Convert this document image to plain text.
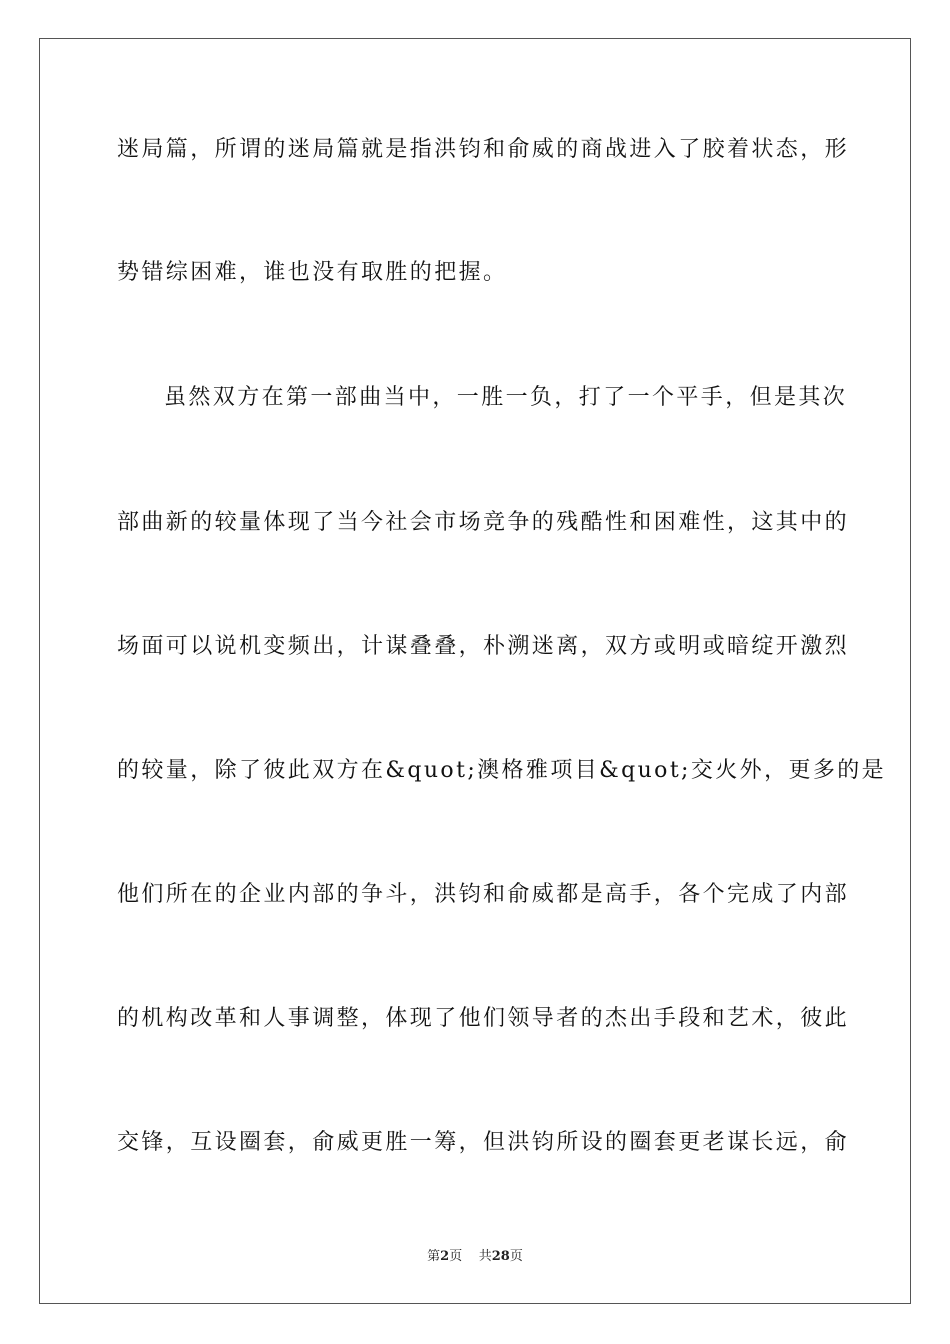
迷局篇，所谓的迷局篇就是指洪钧和俞威的商战进入了胶着状态，形
势错综困难，谁也没有取胜的把握。
虽然双方在第一部曲当中，一胜一负，打了一个平手，但是其次
部曲新的较量体现了当今社会市场竞争的残酷性和困难性，这其中的
场面可以说机变频出，计谋叠叠，朴溯迷离，双方或明或暗绽开激烈
的较量，除了彼此双方在&quot;澳格雅项目&quot;交火外，更多的是
他们所在的企业内部的争斗，洪钧和俞威都是高手，各个完成了内部
的机构改革和人事调整，体现了他们领导者的杰出手段和艺术，彼此
交锋，互设圈套，俞威更胜一筹，但洪钧所设的圈套更老谋长远，俞
第2页 共28页
